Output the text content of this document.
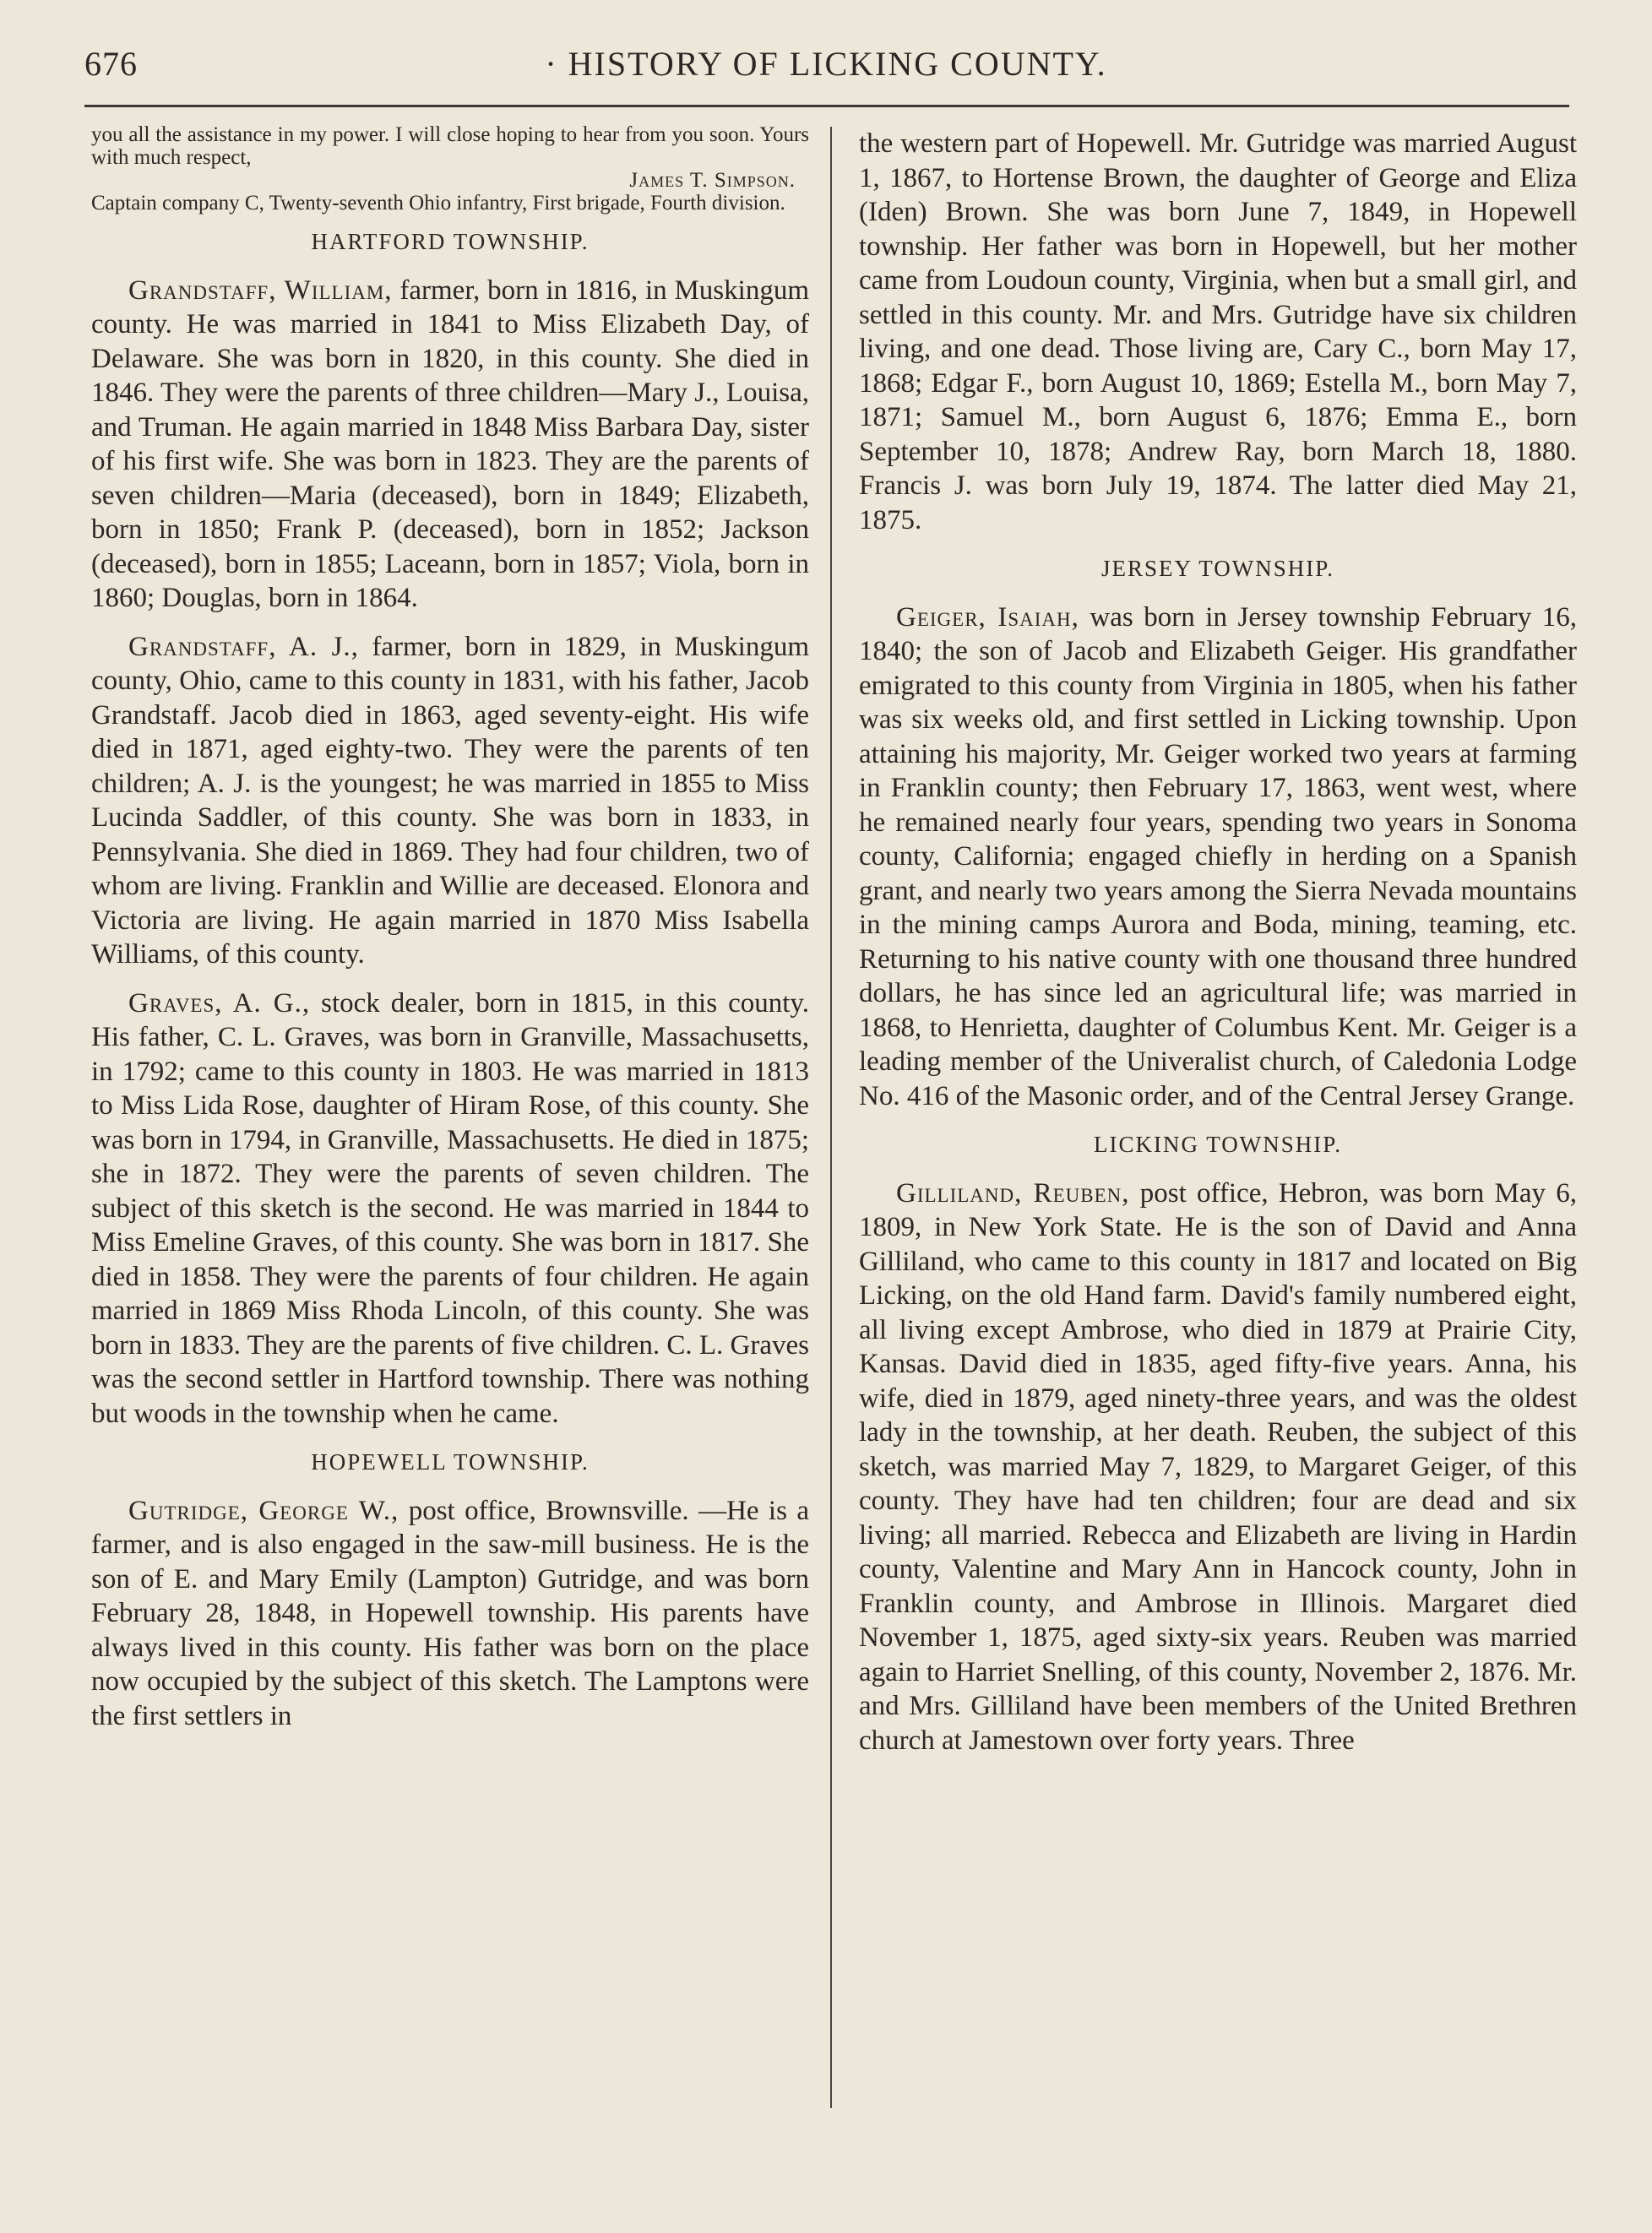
676	· HISTORY OF LICKING COUNTY.

you all the assistance in my power. I will close hoping to hear from you soon. Yours with much respect,

James T. Simpson.

Captain company C, Twenty-seventh Ohio infantry, First brigade, Fourth division.

HARTFORD TOWNSHIP.

Grandstaff, William, farmer, born in 1816, in Muskingum county. He was married in 1841 to Miss Elizabeth Day, of Delaware. She was born in 1820, in this county. She died in 1846. They were the parents of three children—Mary J., Louisa, and Truman. He again married in 1848 Miss Barbara Day, sister of his first wife. She was born in 1823. They are the parents of seven children—Maria (deceased), born in 1849; Elizabeth, born in 1850; Frank P. (deceased), born in 1852; Jackson (deceased), born in 1855; Laceann, born in 1857; Viola, born in 1860; Douglas, born in 1864.

Grandstaff, A. J., farmer, born in 1829, in Muskingum county, Ohio, came to this county in 1831, with his father, Jacob Grandstaff. Jacob died in 1863, aged seventy-eight. His wife died in 1871, aged eighty-two. They were the parents of ten children; A. J. is the youngest; he was married in 1855 to Miss Lucinda Saddler, of this county. She was born in 1833, in Pennsylvania. She died in 1869. They had four children, two of whom are living. Franklin and Willie are deceased. Elonora and Victoria are living. He again married in 1870 Miss Isabella Williams, of this county.

Graves, A. G., stock dealer, born in 1815, in this county. His father, C. L. Graves, was born in Granville, Massachusetts, in 1792; came to this county in 1803. He was married in 1813 to Miss Lida Rose, daughter of Hiram Rose, of this county. She was born in 1794, in Granville, Massachusetts. He died in 1875; she in 1872. They were the parents of seven children. The subject of this sketch is the second. He was married in 1844 to Miss Emeline Graves, of this county. She was born in 1817. She died in 1858. They were the parents of four children. He again married in 1869 Miss Rhoda Lincoln, of this county. She was born in 1833. They are the parents of five children. C. L. Graves was the second settler in Hartford township. There was nothing but woods in the township when he came.

HOPEWELL TOWNSHIP.

Gutridge, George W., post office, Brownsville. —He is a farmer, and is also engaged in the saw-mill business. He is the son of E. and Mary Emily (Lampton) Gutridge, and was born February 28, 1848, in Hopewell township. His parents have always lived in this county. His father was born on the place now occupied by the subject of this sketch. The Lamptons were the first settlers in

the western part of Hopewell. Mr. Gutridge was married August 1, 1867, to Hortense Brown, the daughter of George and Eliza (Iden) Brown. She was born June 7, 1849, in Hopewell township. Her father was born in Hopewell, but her mother came from Loudoun county, Virginia, when but a small girl, and settled in this county. Mr. and Mrs. Gutridge have six children living, and one dead. Those living are, Cary C., born May 17, 1868; Edgar F., born August 10, 1869; Estella M., born May 7, 1871; Samuel M., born August 6, 1876; Emma E., born September 10, 1878; Andrew Ray, born March 18, 1880. Francis J. was born July 19, 1874. The latter died May 21, 1875.

JERSEY TOWNSHIP.

Geiger, Isaiah, was born in Jersey township February 16, 1840; the son of Jacob and Elizabeth Geiger. His grandfather emigrated to this county from Virginia in 1805, when his father was six weeks old, and first settled in Licking township. Upon attaining his majority, Mr. Geiger worked two years at farming in Franklin county; then February 17, 1863, went west, where he remained nearly four years, spending two years in Sonoma county, California; engaged chiefly in herding on a Spanish grant, and nearly two years among the Sierra Nevada mountains in the mining camps Aurora and Boda, mining, teaming, etc. Returning to his native county with one thousand three hundred dollars, he has since led an agricultural life; was married in 1868, to Henrietta, daughter of Columbus Kent. Mr. Geiger is a leading member of the Univeralist church, of Caledonia Lodge No. 416 of the Masonic order, and of the Central Jersey Grange.

LICKING TOWNSHIP.

Gilliland, Reuben, post office, Hebron, was born May 6, 1809, in New York State. He is the son of David and Anna Gilliland, who came to this county in 1817 and located on Big Licking, on the old Hand farm. David's family numbered eight, all living except Ambrose, who died in 1879 at Prairie City, Kansas. David died in 1835, aged fifty-five years. Anna, his wife, died in 1879, aged ninety-three years, and was the oldest lady in the township, at her death. Reuben, the subject of this sketch, was married May 7, 1829, to Margaret Geiger, of this county. They have had ten children; four are dead and six living; all married. Rebecca and Elizabeth are living in Hardin county, Valentine and Mary Ann in Hancock county, John in Franklin county, and Ambrose in Illinois. Margaret died November 1, 1875, aged sixty-six years. Reuben was married again to Harriet Snelling, of this county, November 2, 1876. Mr. and Mrs. Gilliland have been members of the United Brethren church at Jamestown over forty years. Three
